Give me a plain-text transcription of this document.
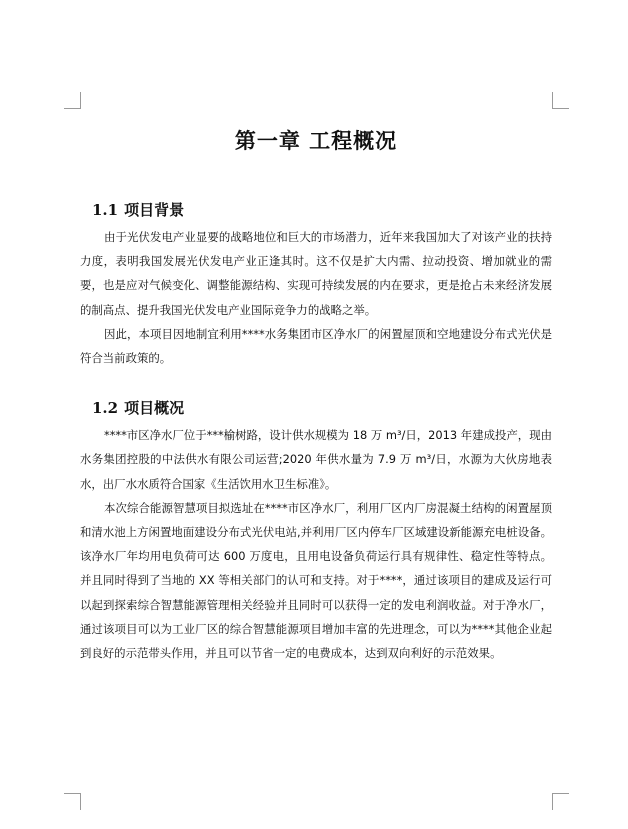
第一章 工程概况
1.1 项目背景

由于光伏发电产业显要的战略地位和巨大的市场潜力，近年来我国加大了对该产业的扶持力度，表明我国发展光伏发电产业正逢其时。这不仅是扩大内需、拉动投资、增加就业的需要，也是应对气候变化、调整能源结构、实现可持续发展的内在要求，更是抢占未来经济发展的制高点、提升我国光伏发电产业国际竞争力的战略之举。

因此，本项目因地制宜利用****水务集团市区净水厂的闲置屋顶和空地建设分布式光伏是符合当前政策的。

1.2 项目概况

****市区净水厂位于***榆树路，设计供水规模为 18 万 m³/日，2013 年建成投产，现由水务集团控股的中法供水有限公司运营;2020 年供水量为 7.9 万 m³/日，水源为大伙房地表水，出厂水水质符合国家《生活饮用水卫生标准》。

本次综合能源智慧项目拟选址在****市区净水厂，利用厂区内厂房混凝土结构的闲置屋顶和清水池上方闲置地面建设分布式光伏电站,并利用厂区内停车厂区域建设新能源充电桩设备。该净水厂年均用电负荷可达 600 万度电，且用电设备负荷运行具有规律性、稳定性等特点。并且同时得到了当地的 XX 等相关部门的认可和支持。对于****，通过该项目的建成及运行可以起到探索综合智慧能源管理相关经验并且同时可以获得一定的发电利润收益。对于净水厂，通过该项目可以为工业厂区的综合智慧能源项目增加丰富的先进理念，可以为****其他企业起到良好的示范带头作用，并且可以节省一定的电费成本，达到双向利好的示范效果。
